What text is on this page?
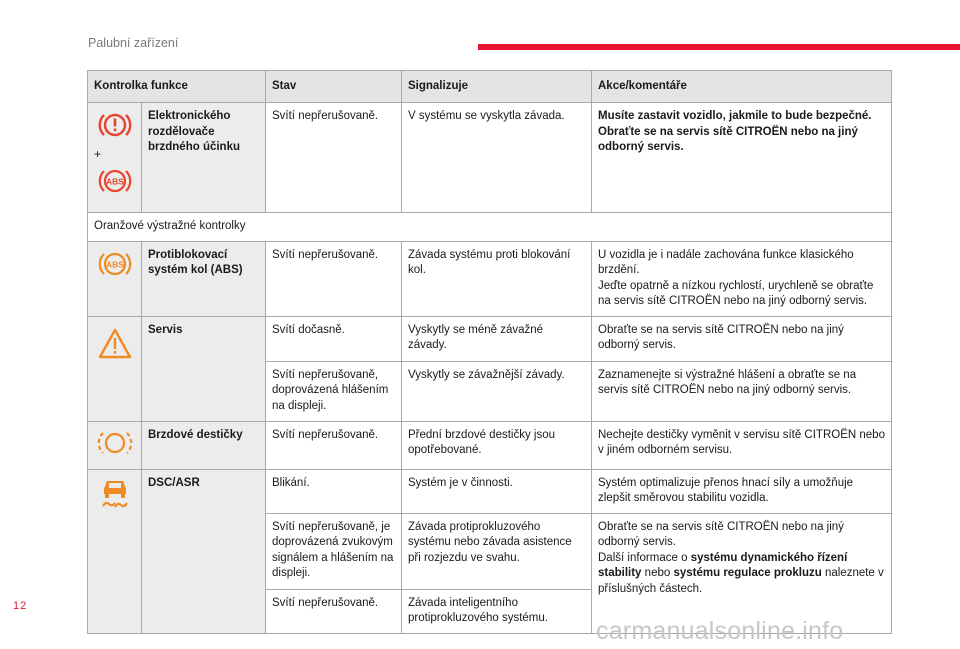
Palubní zařízení
Kontrolka funkce		Stav	Signalizuje	Akce/komentáře

+
ABS	Elektronického rozdělovače brzdného účinku	Svítí nepřerušovaně.	V systému se vyskytla závada.	Musíte zastavit vozidlo, jakmile to bude bezpečné. Obraťte se na servis sítě CITROËN nebo na jiný odborný servis.
Oranžové výstražné kontrolky				

ABS	Protiblokovací systém kol (ABS)	Svítí nepřerušovaně.	Závada systému proti blokování kol.	U vozidla je i nadále zachována funkce klasického brzdění.
Jeďte opatrně a nízkou rychlostí, urychleně se obraťte na servis sítě CITROËN nebo na jiný odborný servis.

	Servis	Svítí dočasně.	Vyskytly se méně závažné závady.	Obraťte se na servis sítě CITROËN nebo na jiný odborný servis.
		Svítí nepřerušovaně, doprovázená hlášením na displeji.	Vyskytly se závažnější závady.	Zaznamenejte si výstražné hlášení a obraťte se na servis sítě CITROËN nebo na jiný odborný servis.

	Brzdové destičky	Svítí nepřerušovaně.	Přední brzdové destičky jsou opotřebované.	Nechejte destičky vyměnit v servisu sítě CITROËN nebo v jiném odborném servisu.

	DSC/ASR	Blikání.	Systém je v činnosti.	Systém optimalizuje přenos hnací síly a umožňuje zlepšit směrovou stabilitu vozidla.
		Svítí nepřerušovaně, je doprovázená zvukovým signálem a hlášením na displeji.	Závada protiprokluzového systému nebo závada asistence při rozjezdu ve svahu.	Obraťte se na servis sítě CITROËN nebo na jiný odborný servis.
Další informace o systému dynamického řízení stability nebo systému regulace prokluzu naleznete v příslušných částech.

		Svítí nepřerušovaně.	Závada inteligentního protiprokluzového systému.	
12
carmanualsonline.info
